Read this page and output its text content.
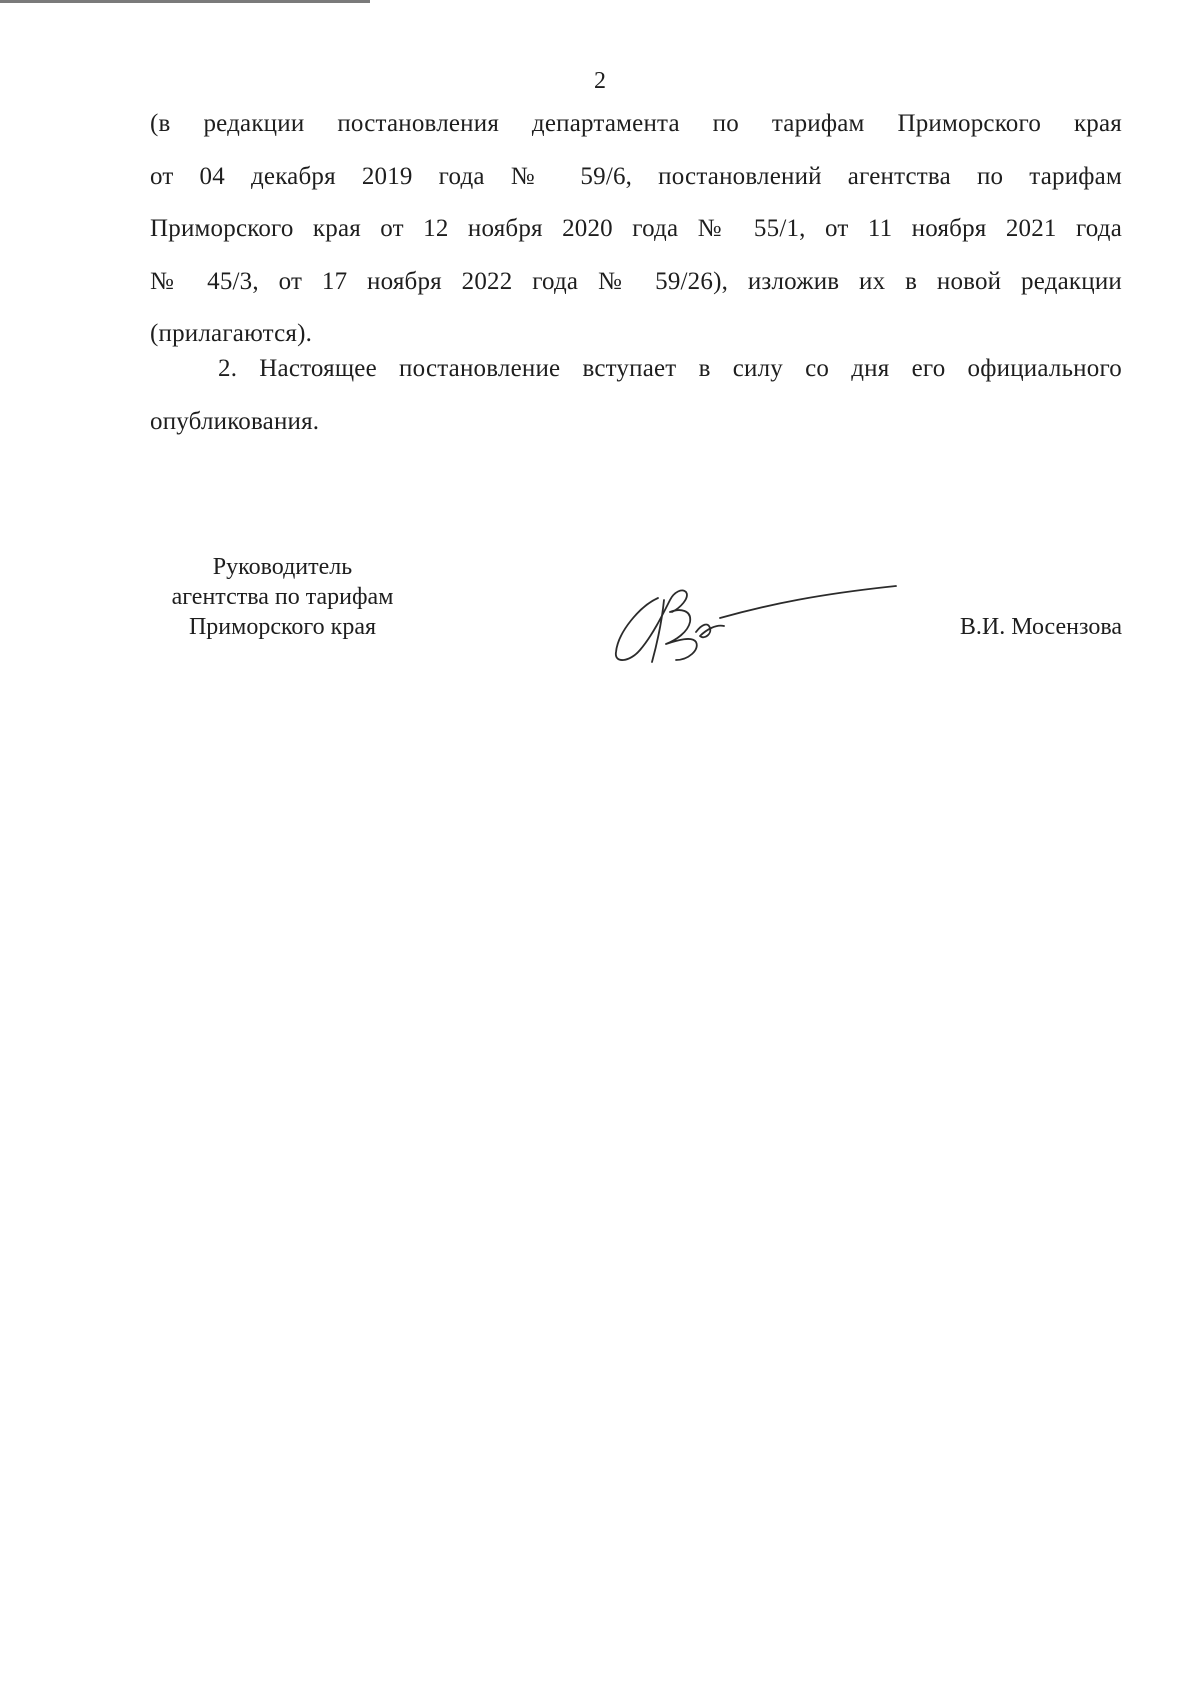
2
(в редакции постановления департамента по тарифам Приморского края
от 04 декабря 2019 года № 59/6, постановлений агентства по тарифам
Приморского края от 12 ноября 2020 года № 55/1, от 11 ноября 2021 года
№ 45/3, от 17 ноября 2022 года № 59/26), изложив их в новой редакции
(прилагаются).
2. Настоящее постановление вступает в силу со дня его официального
опубликования.
Руководитель
агентства по тарифам
Приморского края	В.И. Мосензова
